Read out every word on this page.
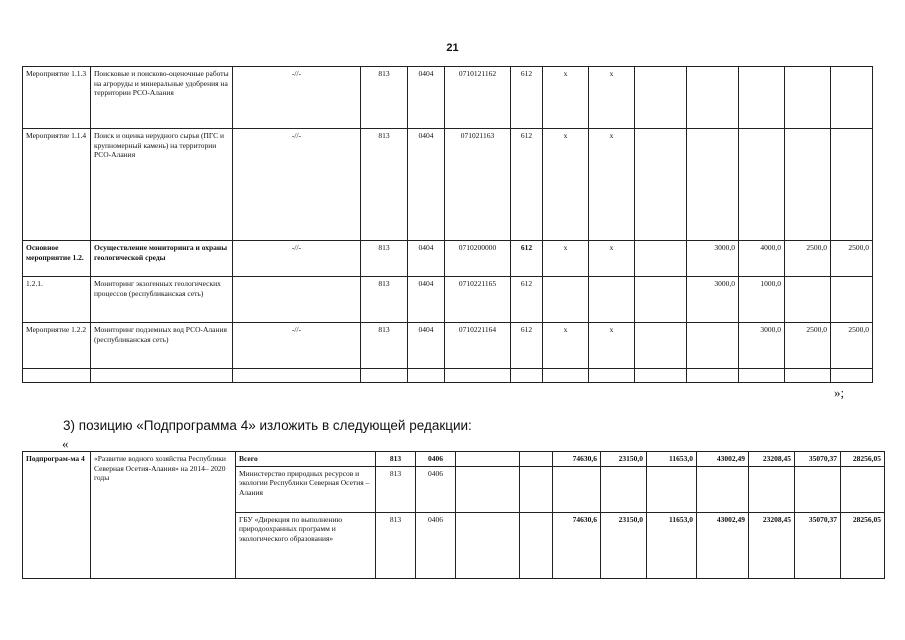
21
Мероприятие 1.1.3	Поисковые и поисково-оценочные работы на агроруды и минеральные удобрения на территории РСО-Алания	-//-	813	0404	0710121162	612	x	x					
Мероприятие 1.1.4	Поиск и оценка нерудного сырья (ПГС и крупномерный камень) на территории РСО-Алания	-//-	813	0404	071021163	612	x	x					
Основное мероприятие 1.2.	Осуществление мониторинга и охраны геологической среды	-//-	813	0404	0710200000	612	x	x		3000,0	4000,0	2500,0	2500,0
1.2.1.	Мониторинг экзогенных геологических процессов (республиканская сеть)		813	0404	0710221165	612				3000,0	1000,0		
Мероприятие 1.2.2	Мониторинг подземных вод РСО-Алания (республиканская сеть)	-//-	813	0404	0710221164	612	x	x			3000,0	2500,0	2500,0

»;
3) позицию «Подпрограмма 4» изложить в следующей редакции:
«
Подпрограм-ма 4	«Развитие водного хозяйства Республики Северная Осетия-Алания» на 2014– 2020 годы	Всего	813	0406			74630,6	23150,0	11653,0	43002,49	23208,45	35070,37	28256,05
		Министерство природных ресурсов и экологии Республики Северная Осетия – Алания	813	0406									
		ГБУ «Дирекция по выполнению природоохранных программ и экологического образования»	813	0406			74630,6	23150,0	11653,0	43002,49	23208,45	35070,37	28256,05
